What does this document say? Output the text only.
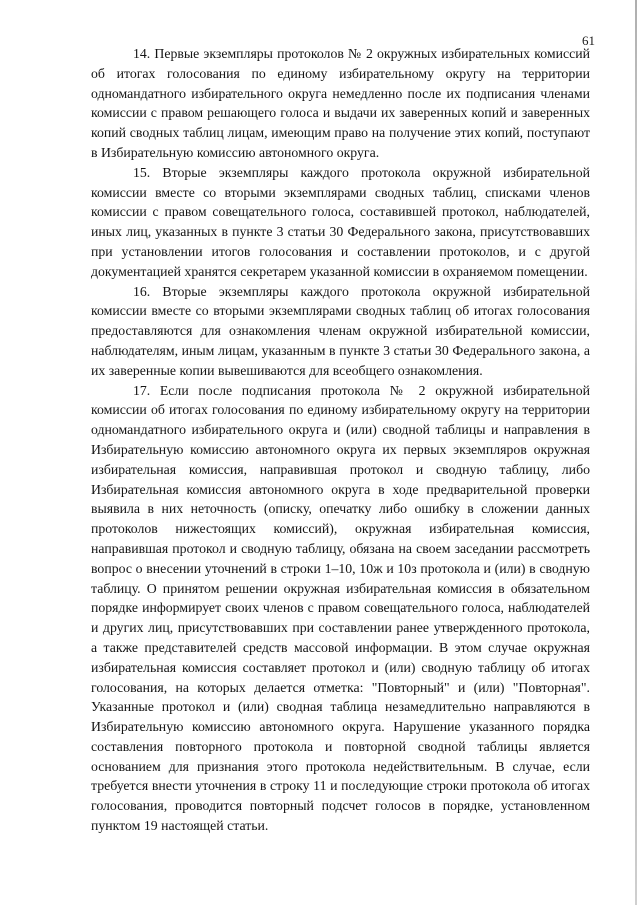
61

14. Первые экземпляры протоколов № 2 окружных избирательных комиссий об итогах голосования по единому избирательному округу на территории одномандатного избирательного округа немедленно после их подписания членами комиссии с правом решающего голоса и выдачи их заверенных копий и заверенных копий сводных таблиц лицам, имеющим право на получение этих копий, поступают в Избирательную комиссию автономного округа.

15. Вторые экземпляры каждого протокола окружной избирательной комиссии вместе со вторыми экземплярами сводных таблиц, списками членов комиссии с правом совещательного голоса, составившей протокол, наблюдателей, иных лиц, указанных в пункте 3 статьи 30 Федерального закона, присутствовавших при установлении итогов голосования и составлении протоколов, и с другой документацией хранятся секретарем указанной комиссии в охраняемом помещении.

16. Вторые экземпляры каждого протокола окружной избирательной комиссии вместе со вторыми экземплярами сводных таблиц об итогах голосования предоставляются для ознакомления членам окружной избирательной комиссии, наблюдателям, иным лицам, указанным в пункте 3 статьи 30 Федерального закона, а их заверенные копии вывешиваются для всеобщего ознакомления.

17. Если после подписания протокола № 2 окружной избирательной комиссии об итогах голосования по единому избирательному округу на территории одномандатного избирательного округа и (или) сводной таблицы и направления в Избирательную комиссию автономного округа их первых экземпляров окружная избирательная комиссия, направившая протокол и сводную таблицу, либо Избирательная комиссия автономного округа в ходе предварительной проверки выявила в них неточность (описку, опечатку либо ошибку в сложении данных протоколов нижестоящих комиссий), окружная избирательная комиссия, направившая протокол и сводную таблицу, обязана на своем заседании рассмотреть вопрос о внесении уточнений в строки 1–10, 10ж и 10з протокола и (или) в сводную таблицу. О принятом решении окружная избирательная комиссия в обязательном порядке информирует своих членов с правом совещательного голоса, наблюдателей и других лиц, присутствовавших при составлении ранее утвержденного протокола, а также представителей средств массовой информации. В этом случае окружная избирательная комиссия составляет протокол и (или) сводную таблицу об итогах голосования, на которых делается отметка: "Повторный" и (или) "Повторная". Указанные протокол и (или) сводная таблица незамедлительно направляются в Избирательную комиссию автономного округа. Нарушение указанного порядка составления повторного протокола и повторной сводной таблицы является основанием для признания этого протокола недействительным. В случае, если требуется внести уточнения в строку 11 и последующие строки протокола об итогах голосования, проводится повторный подсчет голосов в порядке, установленном пунктом 19 настоящей статьи.
